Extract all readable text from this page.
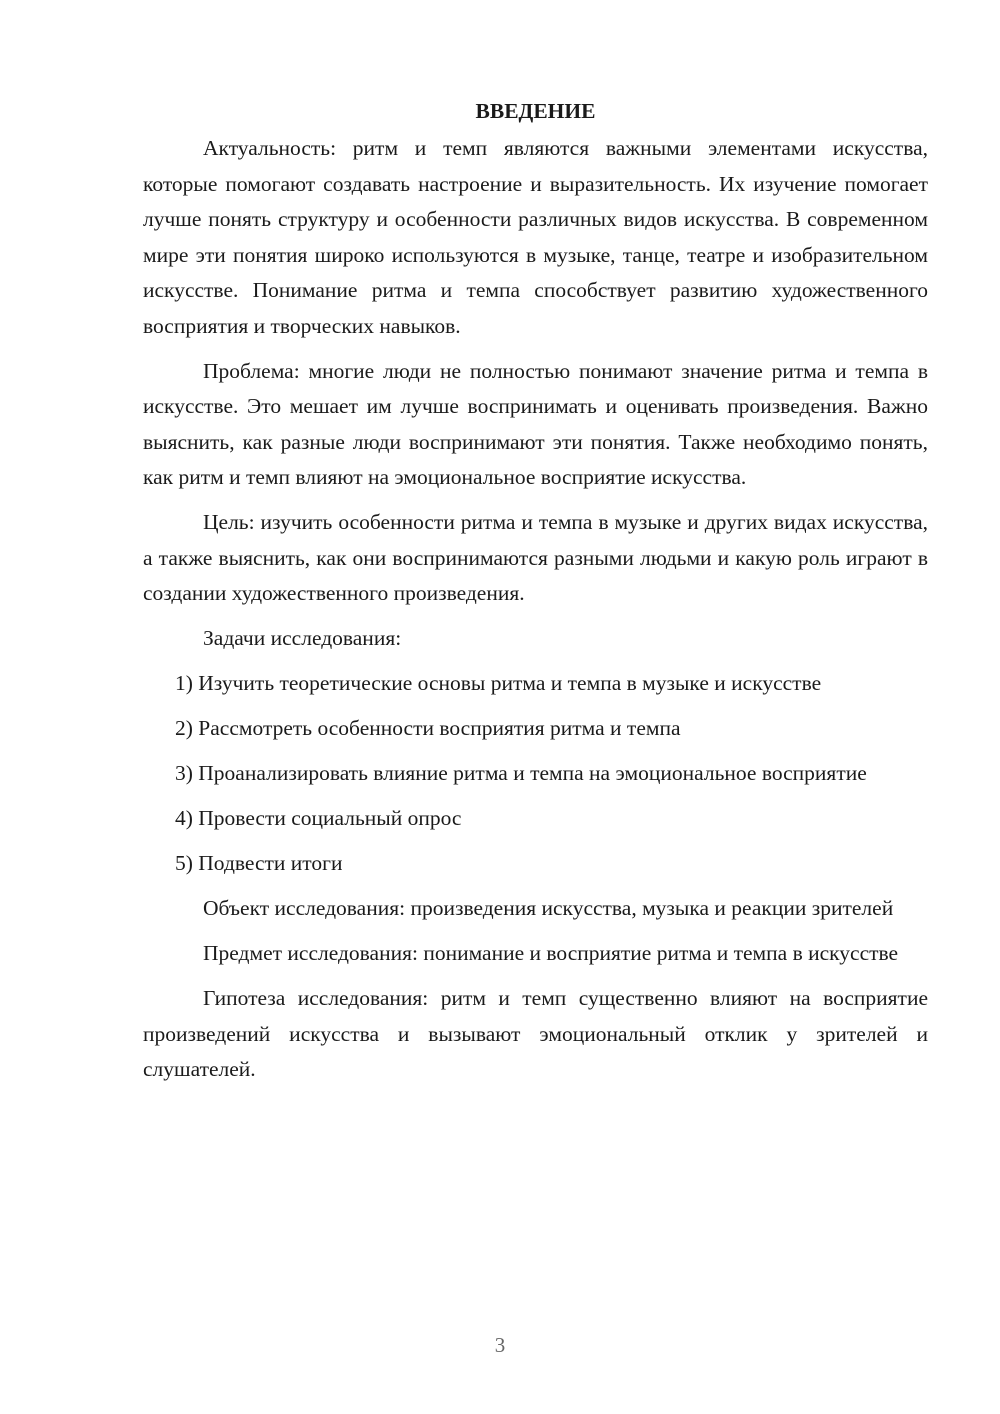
ВВЕДЕНИЕ

Актуальность: ритм и темп являются важными элементами искусства, которые помогают создавать настроение и выразительность. Их изучение помогает лучше понять структуру и особенности различных видов искусства. В современном мире эти понятия широко используются в музыке, танце, театре и изобразительном искусстве. Понимание ритма и темпа способствует развитию художественного восприятия и творческих навыков.

Проблема: многие люди не полностью понимают значение ритма и темпа в искусстве. Это мешает им лучше воспринимать и оценивать произведения. Важно выяснить, как разные люди воспринимают эти понятия. Также необходимо понять, как ритм и темп влияют на эмоциональное восприятие искусства.

Цель: изучить особенности ритма и темпа в музыке и других видах искусства, а также выяснить, как они воспринимаются разными людьми и какую роль играют в создании художественного произведения.

Задачи исследования:

1) Изучить теоретические основы ритма и темпа в музыке и искусстве

2) Рассмотреть особенности восприятия ритма и темпа

3) Проанализировать влияние ритма и темпа на эмоциональное восприятие

4) Провести социальный опрос

5) Подвести итоги

Объект исследования: произведения искусства, музыка и реакции зрителей

Предмет исследования: понимание и восприятие ритма и темпа в искусстве

Гипотеза исследования: ритм и темп существенно влияют на восприятие произведений искусства и вызывают эмоциональный отклик у зрителей и слушателей.

3
